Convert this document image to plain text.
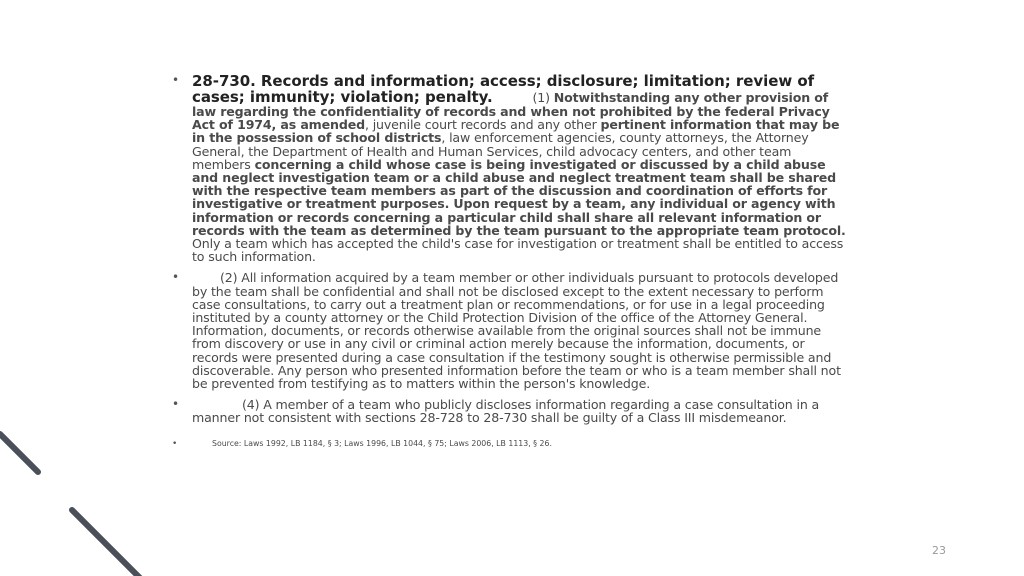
• 28-730. Records and information; access; disclosure; limitation; review of cases; immunity; violation; penalty.	(1) Notwithstanding any other provision of law regarding the confidentiality of records and when not prohibited by the federal Privacy Act of 1974, as amended, juvenile court records and any other pertinent information that may be in the possession of school districts, law enforcement agencies, county attorneys, the Attorney General, the Department of Health and Human Services, child advocacy centers, and other team members concerning a child whose case is being investigated or discussed by a child abuse and neglect investigation team or a child abuse and neglect treatment team shall be shared with the respective team members as part of the discussion and coordination of efforts for investigative or treatment purposes. Upon request by a team, any individual or agency with information or records concerning a particular child shall share all relevant information or records with the team as determined by the team pursuant to the appropriate team protocol. Only a team which has accepted the child's case for investigation or treatment shall be entitled to access to such information.
• (2) All information acquired by a team member or other individuals pursuant to protocols developed by the team shall be confidential and shall not be disclosed except to the extent necessary to perform case consultations, to carry out a treatment plan or recommendations, or for use in a legal proceeding instituted by a county attorney or the Child Protection Division of the office of the Attorney General. Information, documents, or records otherwise available from the original sources shall not be immune from discovery or use in any civil or criminal action merely because the information, documents, or records were presented during a case consultation if the testimony sought is otherwise permissible and discoverable. Any person who presented information before the team or who is a team member shall not be prevented from testifying as to matters within the person's knowledge.
• (4) A member of a team who publicly discloses information regarding a case consultation in a manner not consistent with sections 28-728 to 28-730 shall be guilty of a Class III misdemeanor.
• Source: Laws 1992, LB 1184, § 3; Laws 1996, LB 1044, § 75; Laws 2006, LB 1113, § 26.
23
